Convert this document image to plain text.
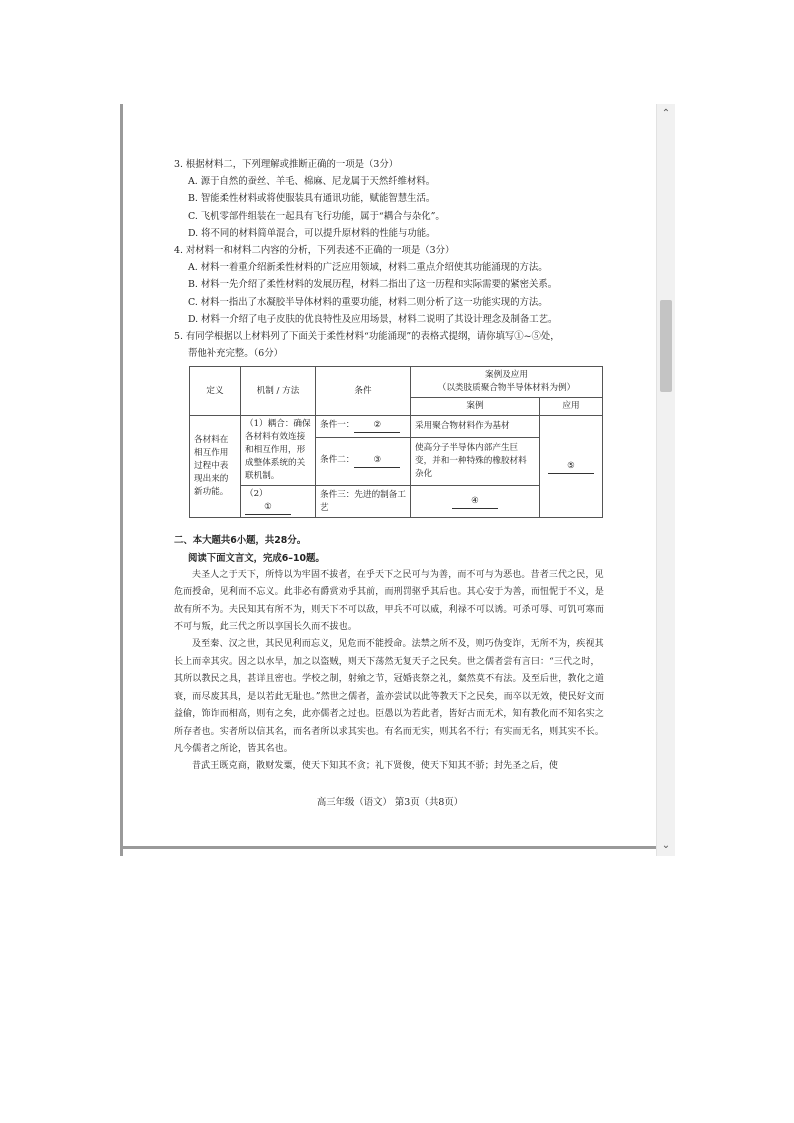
3. 根据材料二，下列理解或推断正确的一项是（3分）

A. 源于自然的蚕丝、羊毛、棉麻、尼龙属于天然纤维材料。

B. 智能柔性材料或将使服装具有通讯功能，赋能智慧生活。

C. 飞机零部件组装在一起具有飞行功能，属于“耦合与杂化”。

D. 将不同的材料简单混合，可以提升原材料的性能与功能。

4. 对材料一和材料二内容的分析，下列表述不正确的一项是（3分）

A. 材料一着重介绍新柔性材料的广泛应用领域，材料二重点介绍使其功能涌现的方法。

B. 材料一先介绍了柔性材料的发展历程，材料二指出了这一历程和实际需要的紧密关系。

C. 材料一指出了水凝胶半导体材料的重要功能，材料二则分析了这一功能实现的方法。

D. 材料一介绍了电子皮肤的优良特性及应用场景，材料二说明了其设计理念及制备工艺。

5. 有同学根据以上材料列了下面关于柔性材料“功能涌现”的表格式提纲，请你填写①~⑤处，

帮他补充完整。（6分）

定义	机制 / 方法	条件	案例及应用
（以类肢质聚合物半导体材料为例）	

			案例	应用
各材料在相互作用过程中表现出来的新功能。	（1）耦合：确保各材料有效连接和相互作用，形成整体系统的关联机制。	条件一： ②	采用聚合物材料作为基材	⑤
		条件二： ③	使高分子半导体内部产生巨变，并和一种特殊的橡胶材料杂化	
	（2）①	条件三：先进的制备工艺	④	
二、本大题共6小题，共28分。
阅读下面文言文，完成6–10题。

夫圣人之于天下，所恃以为牢固不拔者，在乎天下之民可与为善，而不可与为恶也。昔者三代之民，见危而授命，见利而不忘义。此非必有爵赏劝乎其前，而刑罚驱乎其后也。其心安于为善，而忸怩于不义，是故有所不为。夫民知其有所不为，则天下不可以敌，甲兵不可以威，利禄不可以诱。可杀可辱、可饥可寒而不可与叛，此三代之所以享国长久而不拔也。

及至秦、汉之世，其民见利而忘义，见危而不能授命。法禁之所不及，则巧伪变诈，无所不为，疾视其长上而幸其灾。因之以水旱，加之以盗贼，则天下荡然无复天子之民矣。世之儒者尝有言曰：“三代之时，其所以教民之具，甚详且密也。学校之制，射飨之节，冠婚丧祭之礼，粲然莫不有法。及至后世，教化之道衰，而尽废其具，是以若此无耻也。”然世之儒者，盖亦尝试以此等教天下之民矣，而卒以无效，使民好文而益偷，饰诈而相高，则有之矣，此亦儒者之过也。臣愚以为若此者，皆好古而无术，知有教化而不知名实之所存者也。实者所以信其名，而名者所以求其实也。有名而无实，则其名不行；有实而无名，则其实不长。凡今儒者之所论，皆其名也。

昔武王既克商，散财发粟，使天下知其不贪；礼下贤俊，使天下知其不骄；封先圣之后，使

高三年级（语文） 第3页（共8页）
⌃
⌄
